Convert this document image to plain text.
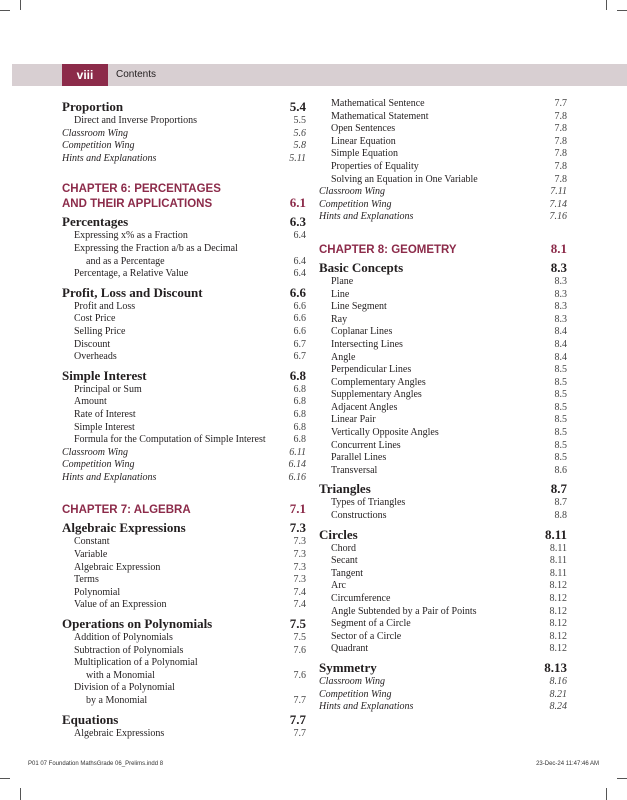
viii	Contents
Proportion	5.4
Direct and Inverse Proportions	5.5
Classroom Wing	5.6
Competition Wing	5.8
Hints and Explanations	5.11
CHAPTER 6: PERCENTAGES
AND THEIR APPLICATIONS	6.1
Percentages	6.3
Expressing x% as a Fraction	6.4
Expressing the Fraction a/b as a Decimal
and as a Percentage	6.4
Percentage, a Relative Value	6.4
Profit, Loss and Discount	6.6
Profit and Loss	6.6
Cost Price	6.6
Selling Price	6.6
Discount	6.7
Overheads	6.7
Simple Interest	6.8
Principal or Sum	6.8
Amount	6.8
Rate of Interest	6.8
Simple Interest	6.8
Formula for the Computation of Simple Interest	6.8
Classroom Wing	6.11
Competition Wing	6.14
Hints and Explanations	6.16
CHAPTER 7: ALGEBRA	7.1
Algebraic Expressions	7.3
Constant	7.3
Variable	7.3
Algebraic Expression	7.3
Terms	7.3
Polynomial	7.4
Value of an Expression	7.4
Operations on Polynomials	7.5
Addition of Polynomials	7.5
Subtraction of Polynomials	7.6
Multiplication of a Polynomial
with a Monomial	7.6
Division of a Polynomial
by a Monomial	7.7
Equations	7.7
Algebraic Expressions	7.7
Mathematical Sentence	7.7
Mathematical Statement	7.8
Open Sentences	7.8
Linear Equation	7.8
Simple Equation	7.8
Properties of Equality	7.8
Solving an Equation in One Variable	7.8
Classroom Wing	7.11
Competition Wing	7.14
Hints and Explanations	7.16
CHAPTER 8: GEOMETRY	8.1
Basic Concepts	8.3
Plane	8.3
Line	8.3
Line Segment	8.3
Ray	8.3
Coplanar Lines	8.4
Intersecting Lines	8.4
Angle	8.4
Perpendicular Lines	8.5
Complementary Angles	8.5
Supplementary Angles	8.5
Adjacent Angles	8.5
Linear Pair	8.5
Vertically Opposite Angles	8.5
Concurrent Lines	8.5
Parallel Lines	8.5
Transversal	8.6
Triangles	8.7
Types of Triangles	8.7
Constructions	8.8
Circles	8.11
Chord	8.11
Secant	8.11
Tangent	8.11
Arc	8.12
Circumference	8.12
Angle Subtended by a Pair of Points	8.12
Segment of a Circle	8.12
Sector of a Circle	8.12
Quadrant	8.12
Symmetry	8.13
Classroom Wing	8.16
Competition Wing	8.21
Hints and Explanations	8.24
P01 07 Foundation MathsGrade 06_Prelims.indd 8	23-Dec-24 11:47:46 AM
